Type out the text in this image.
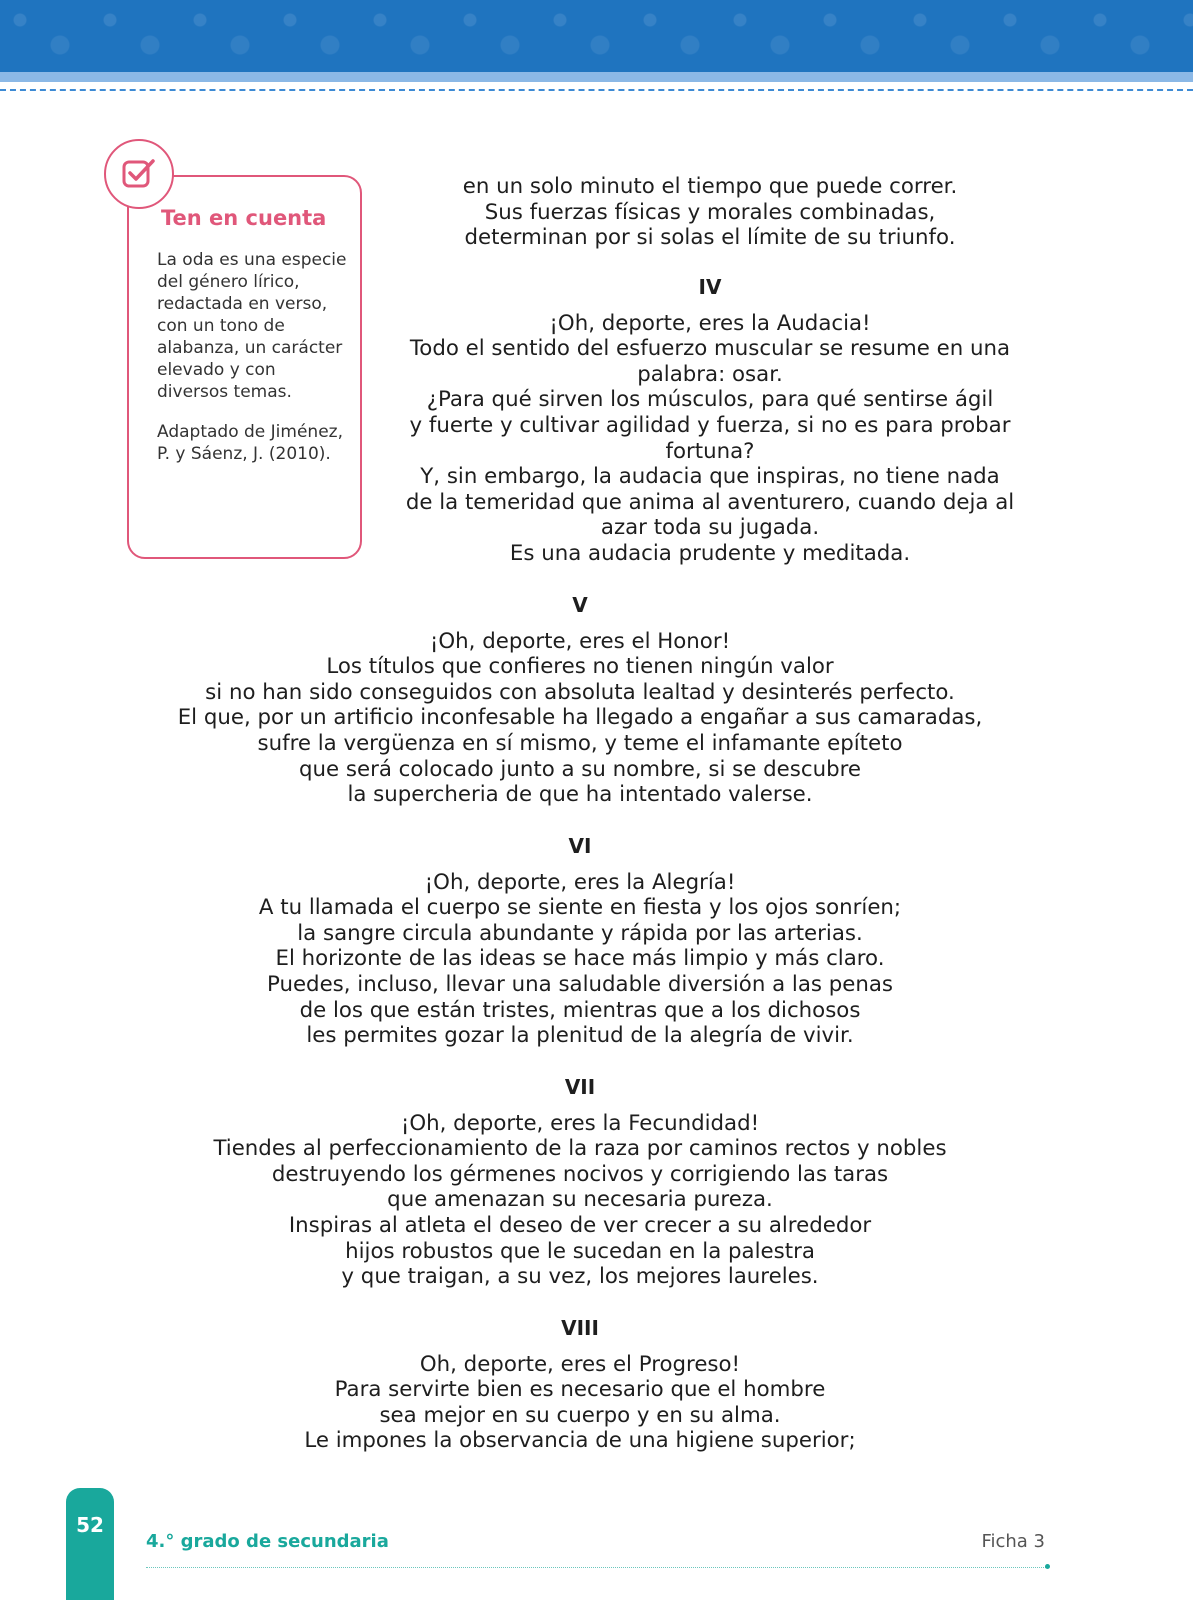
Ten en cuenta

La oda es una especie del género lírico, redactada en verso, con un tono de alabanza, un carácter elevado y con diversos temas.

Adaptado de Jiménez, P. y Sáenz, J. (2010).

en un solo minuto el tiempo que puede correr.
Sus fuerzas físicas y morales combinadas,
determinan por si solas el límite de su triunfo.
IV
¡Oh, deporte, eres la Audacia!
Todo el sentido del esfuerzo muscular se resume en una
palabra: osar.
¿Para qué sirven los músculos, para qué sentirse ágil
y fuerte y cultivar agilidad y fuerza, si no es para probar
fortuna?
Y, sin embargo, la audacia que inspiras, no tiene nada
de la temeridad que anima al aventurero, cuando deja al
azar toda su jugada.
Es una audacia prudente y meditada.
V
¡Oh, deporte, eres el Honor!
Los títulos que confieres no tienen ningún valor
si no han sido conseguidos con absoluta lealtad y desinterés perfecto.
El que, por un artificio inconfesable ha llegado a engañar a sus camaradas,
sufre la vergüenza en sí mismo, y teme el infamante epíteto
que será colocado junto a su nombre, si se descubre
la supercheria de que ha intentado valerse.
VI
¡Oh, deporte, eres la Alegría!
A tu llamada el cuerpo se siente en fiesta y los ojos sonríen;
la sangre circula abundante y rápida por las arterias.
El horizonte de las ideas se hace más limpio y más claro.
Puedes, incluso, llevar una saludable diversión a las penas
de los que están tristes, mientras que a los dichosos
les permites gozar la plenitud de la alegría de vivir.
VII
¡Oh, deporte, eres la Fecundidad!
Tiendes al perfeccionamiento de la raza por caminos rectos y nobles
destruyendo los gérmenes nocivos y corrigiendo las taras
que amenazan su necesaria pureza.
Inspiras al atleta el deseo de ver crecer a su alrededor
hijos robustos que le sucedan en la palestra
y que traigan, a su vez, los mejores laureles.
VIII
Oh, deporte, eres el Progreso!
Para servirte bien es necesario que el hombre
sea mejor en su cuerpo y en su alma.
Le impones la observancia de una higiene superior;
52
4.° grado de secundaria	Ficha 3
